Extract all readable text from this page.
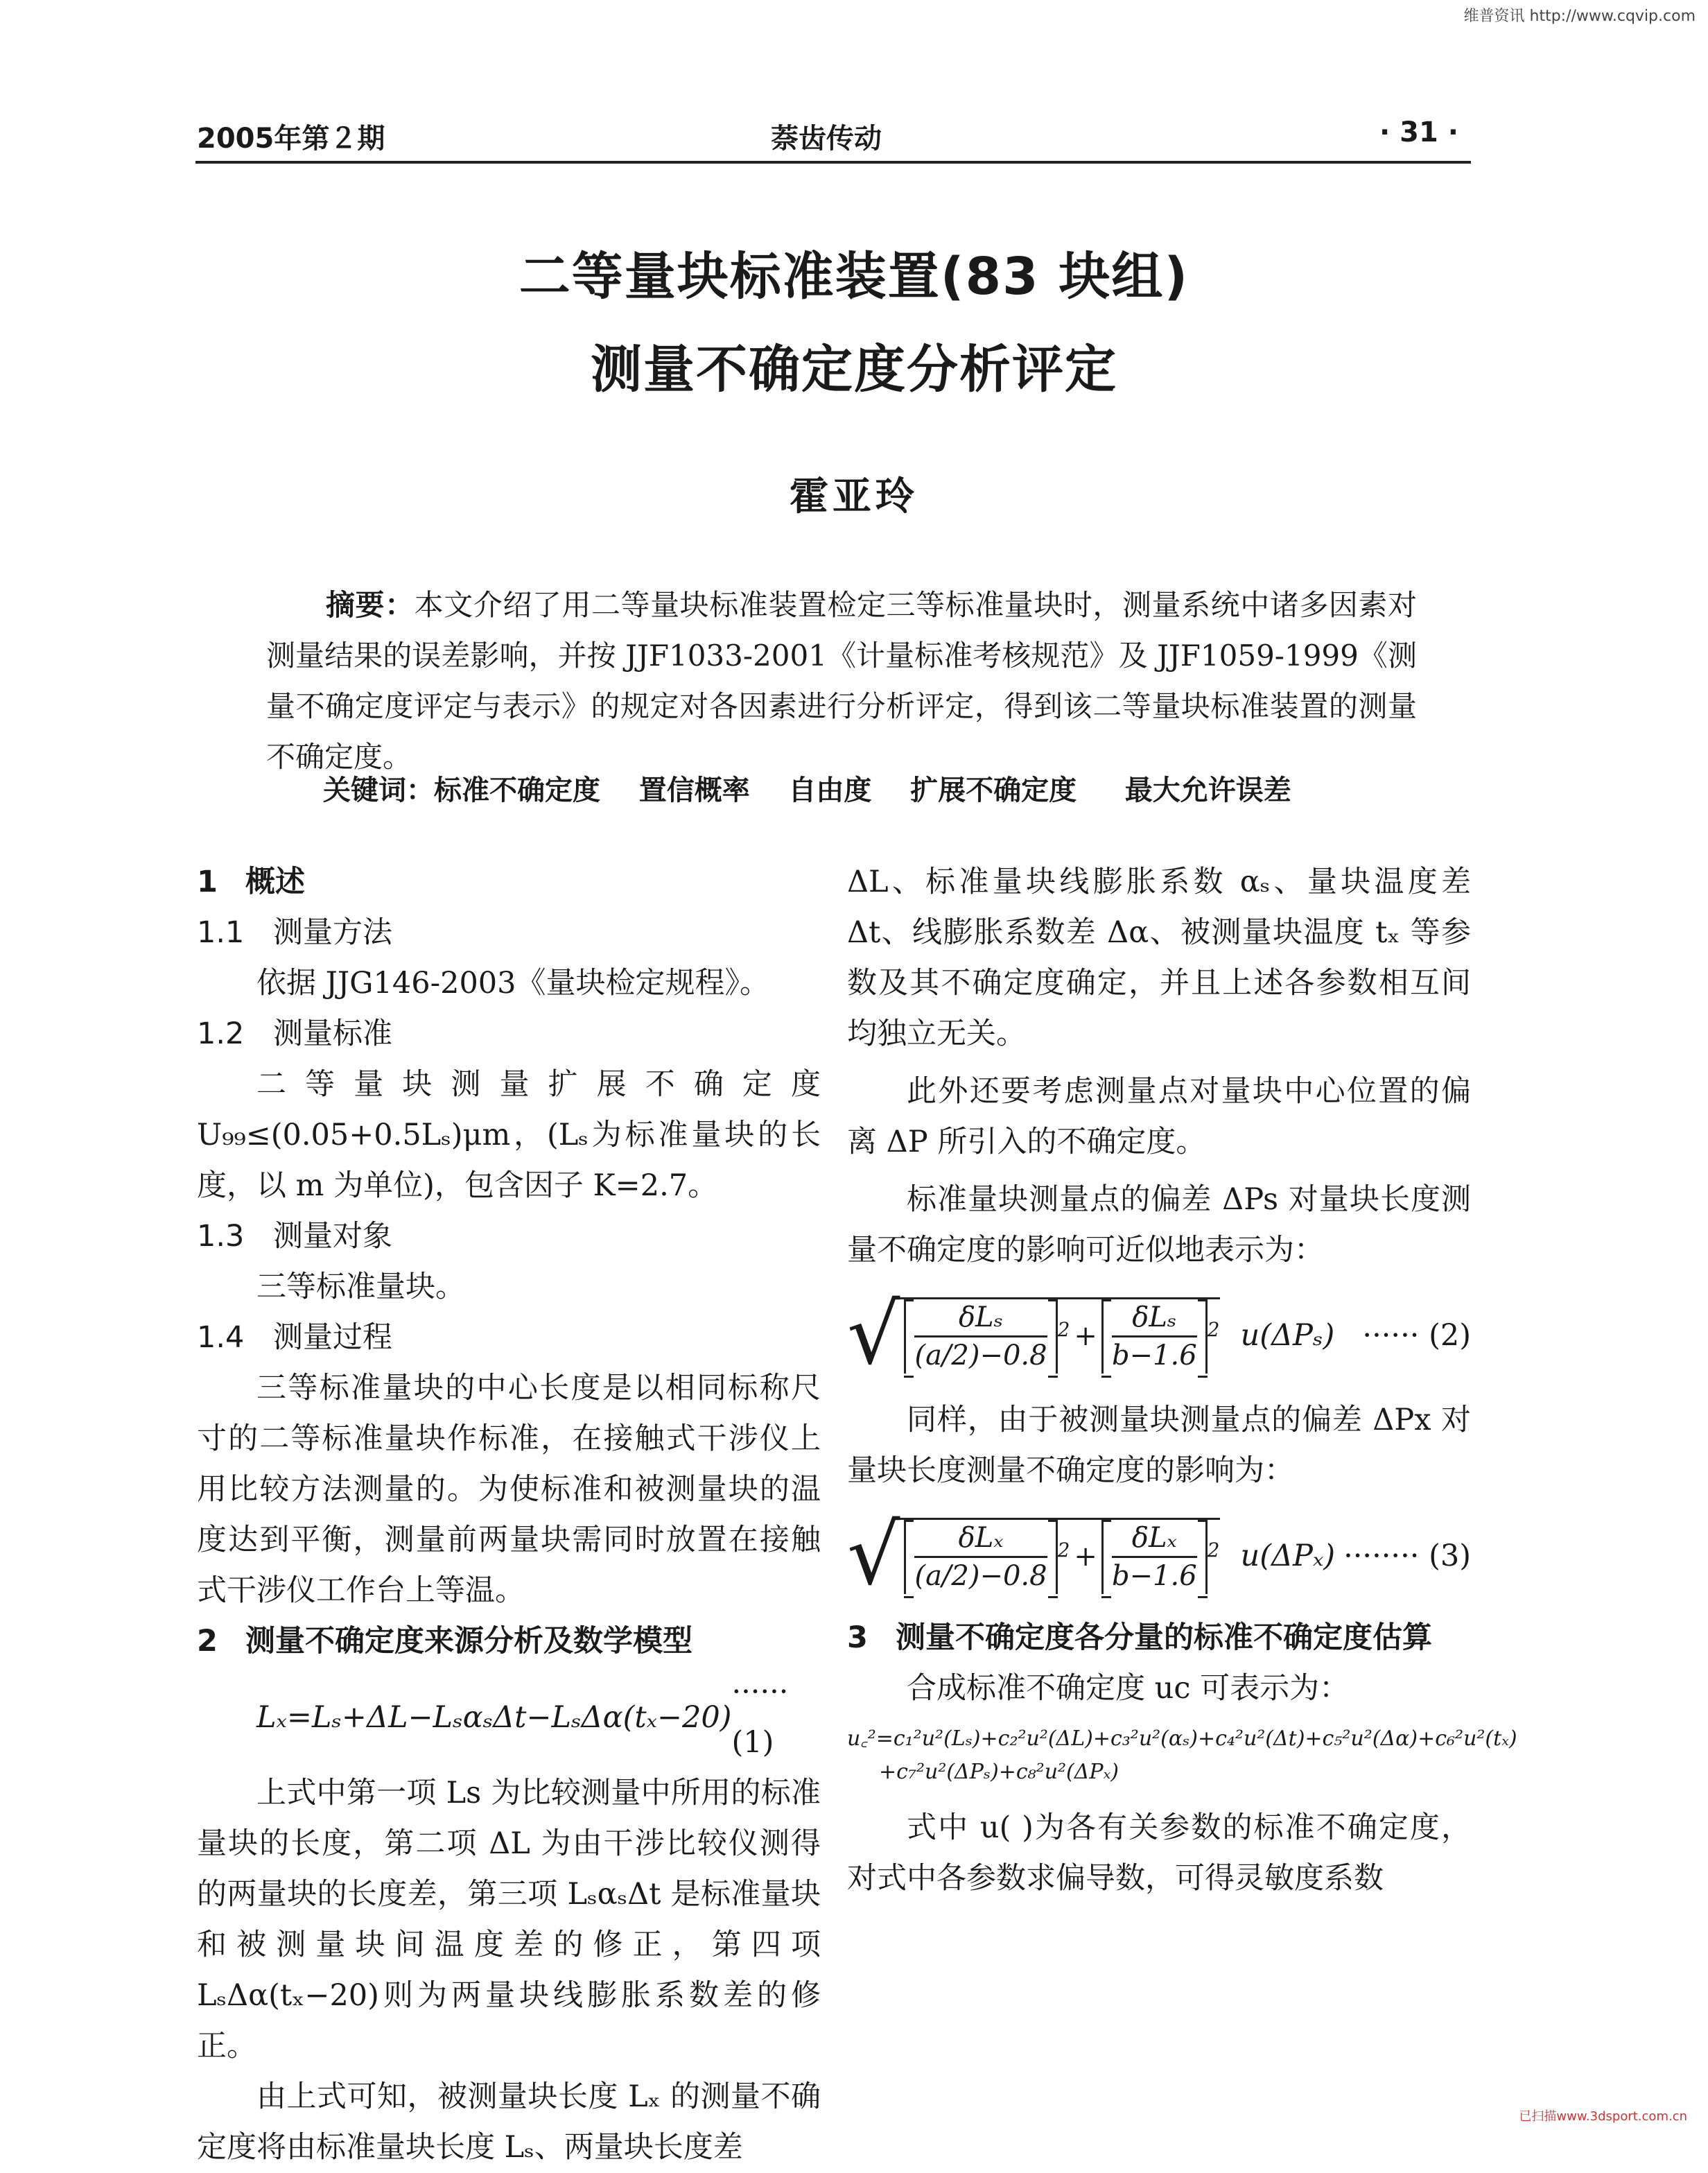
维普资讯 http://www.cqvip.com
2005年第２期	萘齿传动	· 31 ·
二等量块标准装置(83 块组)
测量不确定度分析评定
霍亚玲
摘要：本文介绍了用二等量块标准装置检定三等标准量块时，测量系统中诸多因素对测量结果的误差影响，并按 JJF1033-2001《计量标准考核规范》及 JJF1059-1999《测量不确定度评定与表示》的规定对各因素进行分析评定，得到该二等量块标准装置的测量不确定度。
关键词：标准不确定度 置信概率 自由度 扩展不确定度 最大允许误差

1 概述

1.1 测量方法

依据 JJG146-2003《量块检定规程》。

1.2 测量标准

二等量块测量扩展不确定度 U₉₉≤(0.05+0.5Lₛ)μm，(Lₛ为标准量块的长度，以 m 为单位)，包含因子 K=2.7。

1.3 测量对象

三等标准量块。

1.4 测量过程

三等标准量块的中心长度是以相同标称尺寸的二等标准量块作标准，在接触式干涉仪上用比较方法测量的。为使标准和被测量块的温度达到平衡，测量前两量块需同时放置在接触式干涉仪工作台上等温。

2 测量不确定度来源分析及数学模型

Lₓ=Lₛ+ΔL−LₛαₛΔt−LₛΔα(tₓ−20)
······ (1)

上式中第一项 Ls 为比较测量中所用的标准量块的长度，第二项 ΔL 为由干涉比较仪测得的两量块的长度差，第三项 LₛαₛΔt 是标准量块和被测量块间温度差的修正，第四项 LₛΔα(tₓ−20)则为两量块线膨胀系数差的修正。

由上式可知，被测量块长度 Lₓ 的测量不确定度将由标准量块长度 Lₛ、两量块长度差

ΔL、标准量块线膨胀系数 αₛ、量块温度差 Δt、线膨胀系数差 Δα、被测量块温度 tₓ 等参数及其不确定度确定，并且上述各参数相互间均独立无关。

此外还要考虑测量点对量块中心位置的偏离 ΔP 所引入的不确定度。

标准量块测量点的偏差 ΔPs 对量块长度测量不确定度的影响可近似地表示为：

√ $\frac{\text{δLₛ}}{(a/2)-0.8} 2 + \frac{\text{δLₛ}}{b-1.6} 2$ u(ΔPₛ) ······ (2)

同样，由于被测量块测量点的偏差 ΔPx 对量块长度测量不确定度的影响为：

√ $\frac{\text{δLₓ}}{(a/2)-0.8} 2 + \frac{\text{δLₓ}}{b-1.6} 2$ u(ΔPₓ) ········ (3)

3 测量不确定度各分量的标准不确定度估算

合成标准不确定度 uc 可表示为：

u꜀²=c₁²u²(Lₛ)+c₂²u²(ΔL)+c₃²u²(αₛ)+c₄²u²(Δt)+c₅²u²(Δα)+c₆²u²(tₓ)

+c₇²u²(ΔPₛ)+c₈²u²(ΔPₓ)

式中 u( )为各有关参数的标准不确定度，对式中各参数求偏导数，可得灵敏度系数

已扫描www.3dsport.com.cn
